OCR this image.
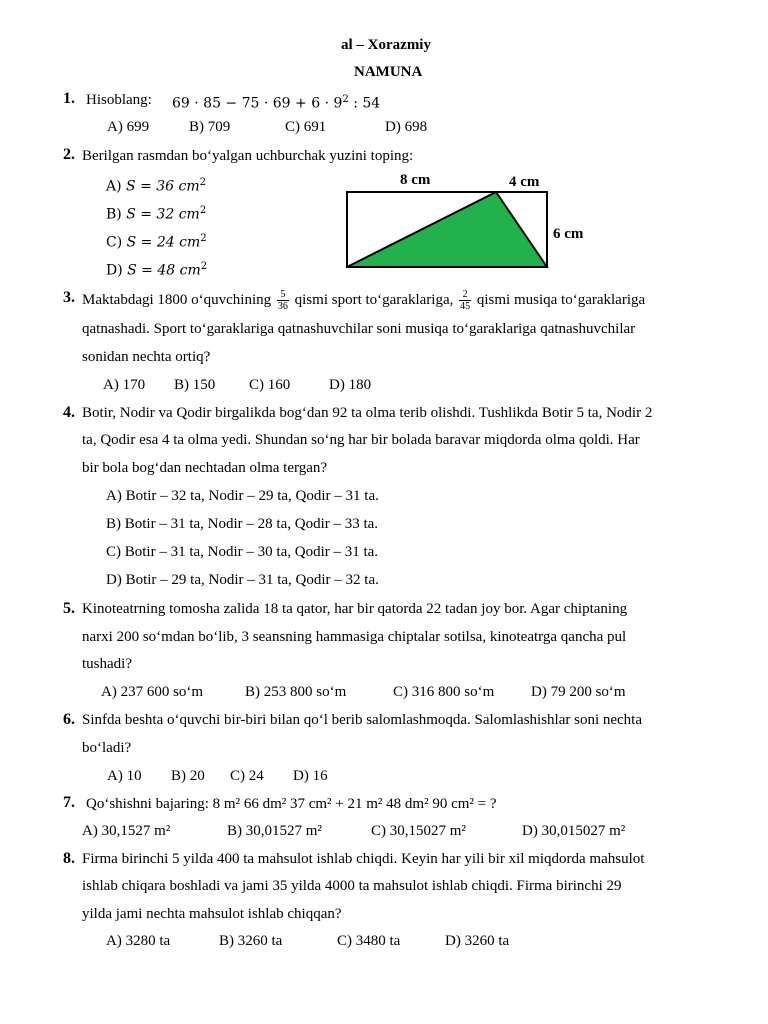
al – Xorazmiy
NAMUNA
1. Hisoblang: $69 \cdot 85 - 75 \cdot 69 + 6 \cdot 9^2$ : 54
A) 699	B) 709	C) 691	D) 698
2. Berilgan rasmdan bo‘yalgan uchburchak yuzini toping:
A) S = 36 $cm^2$
B) S = 32 $cm^2$
C) S = 24 $cm^2$
D) S = 48 $cm^2$
8 cm	4 cm
6 cm
3. Maktabdagi 1800 o‘quvchining $\frac{5}{36}$ qismi sport to‘garaklariga, $\frac{2}{45}$ qismi musiqa to‘garaklariga
qatnashadi. Sport to‘garaklariga qatnashuvchilar soni musiqa to‘garaklariga qatnashuvchilar
sonidan nechta ortiq?
A) 170 B) 150 C) 160	D) 180
4. Botir, Nodir va Qodir birgalikda bog‘dan 92 ta olma terib olishdi. Tushlikda Botir 5 ta, Nodir 2
ta, Qodir esa 4 ta olma yedi. Shundan so‘ng har bir bolada baravar miqdorda olma qoldi. Har
bir bola bog‘dan nechtadan olma tergan?
A) Botir – 32 ta, Nodir – 29 ta, Qodir – 31 ta.
B) Botir – 31 ta, Nodir – 28 ta, Qodir – 33 ta.
C) Botir – 31 ta, Nodir – 30 ta, Qodir – 31 ta.
D) Botir – 29 ta, Nodir – 31 ta, Qodir – 32 ta.
5. Kinoteatrning tomosha zalida 18 ta qator, har bir qatorda 22 tadan joy bor. Agar chiptaning
narxi 200 so‘mdan bo‘lib, 3 seansning hammasiga chiptalar sotilsa, kinoteatrga qancha pul
tushadi?
A) 237 600 so‘m	B) 253 800 so‘m	C) 316 800 so‘m D) 79 200 so‘m
6. Sinfda beshta o‘quvchi bir-biri bilan qo‘l berib salomlashmoqda. Salomlashishlar soni nechta
bo‘ladi?
A) 10 B) 20 C) 24 D) 16
7. Qo‘shishni bajaring: 8 m² 66 dm² 37 cm² + 21 m² 48 dm² 90 cm² = ?
A) 30,1527 m²	B) 30,01527 m²	C) 30,15027 m²	D) 30,015027 m²
8. Firma birinchi 5 yilda 400 ta mahsulot ishlab chiqdi. Keyin har yili bir xil miqdorda mahsulot
ishlab chiqara boshladi va jami 35 yilda 4000 ta mahsulot ishlab chiqdi. Firma birinchi 29
yilda jami nechta mahsulot ishlab chiqqan?
A) 3280 ta	B) 3260 ta	C) 3480 ta	D) 3260 ta
